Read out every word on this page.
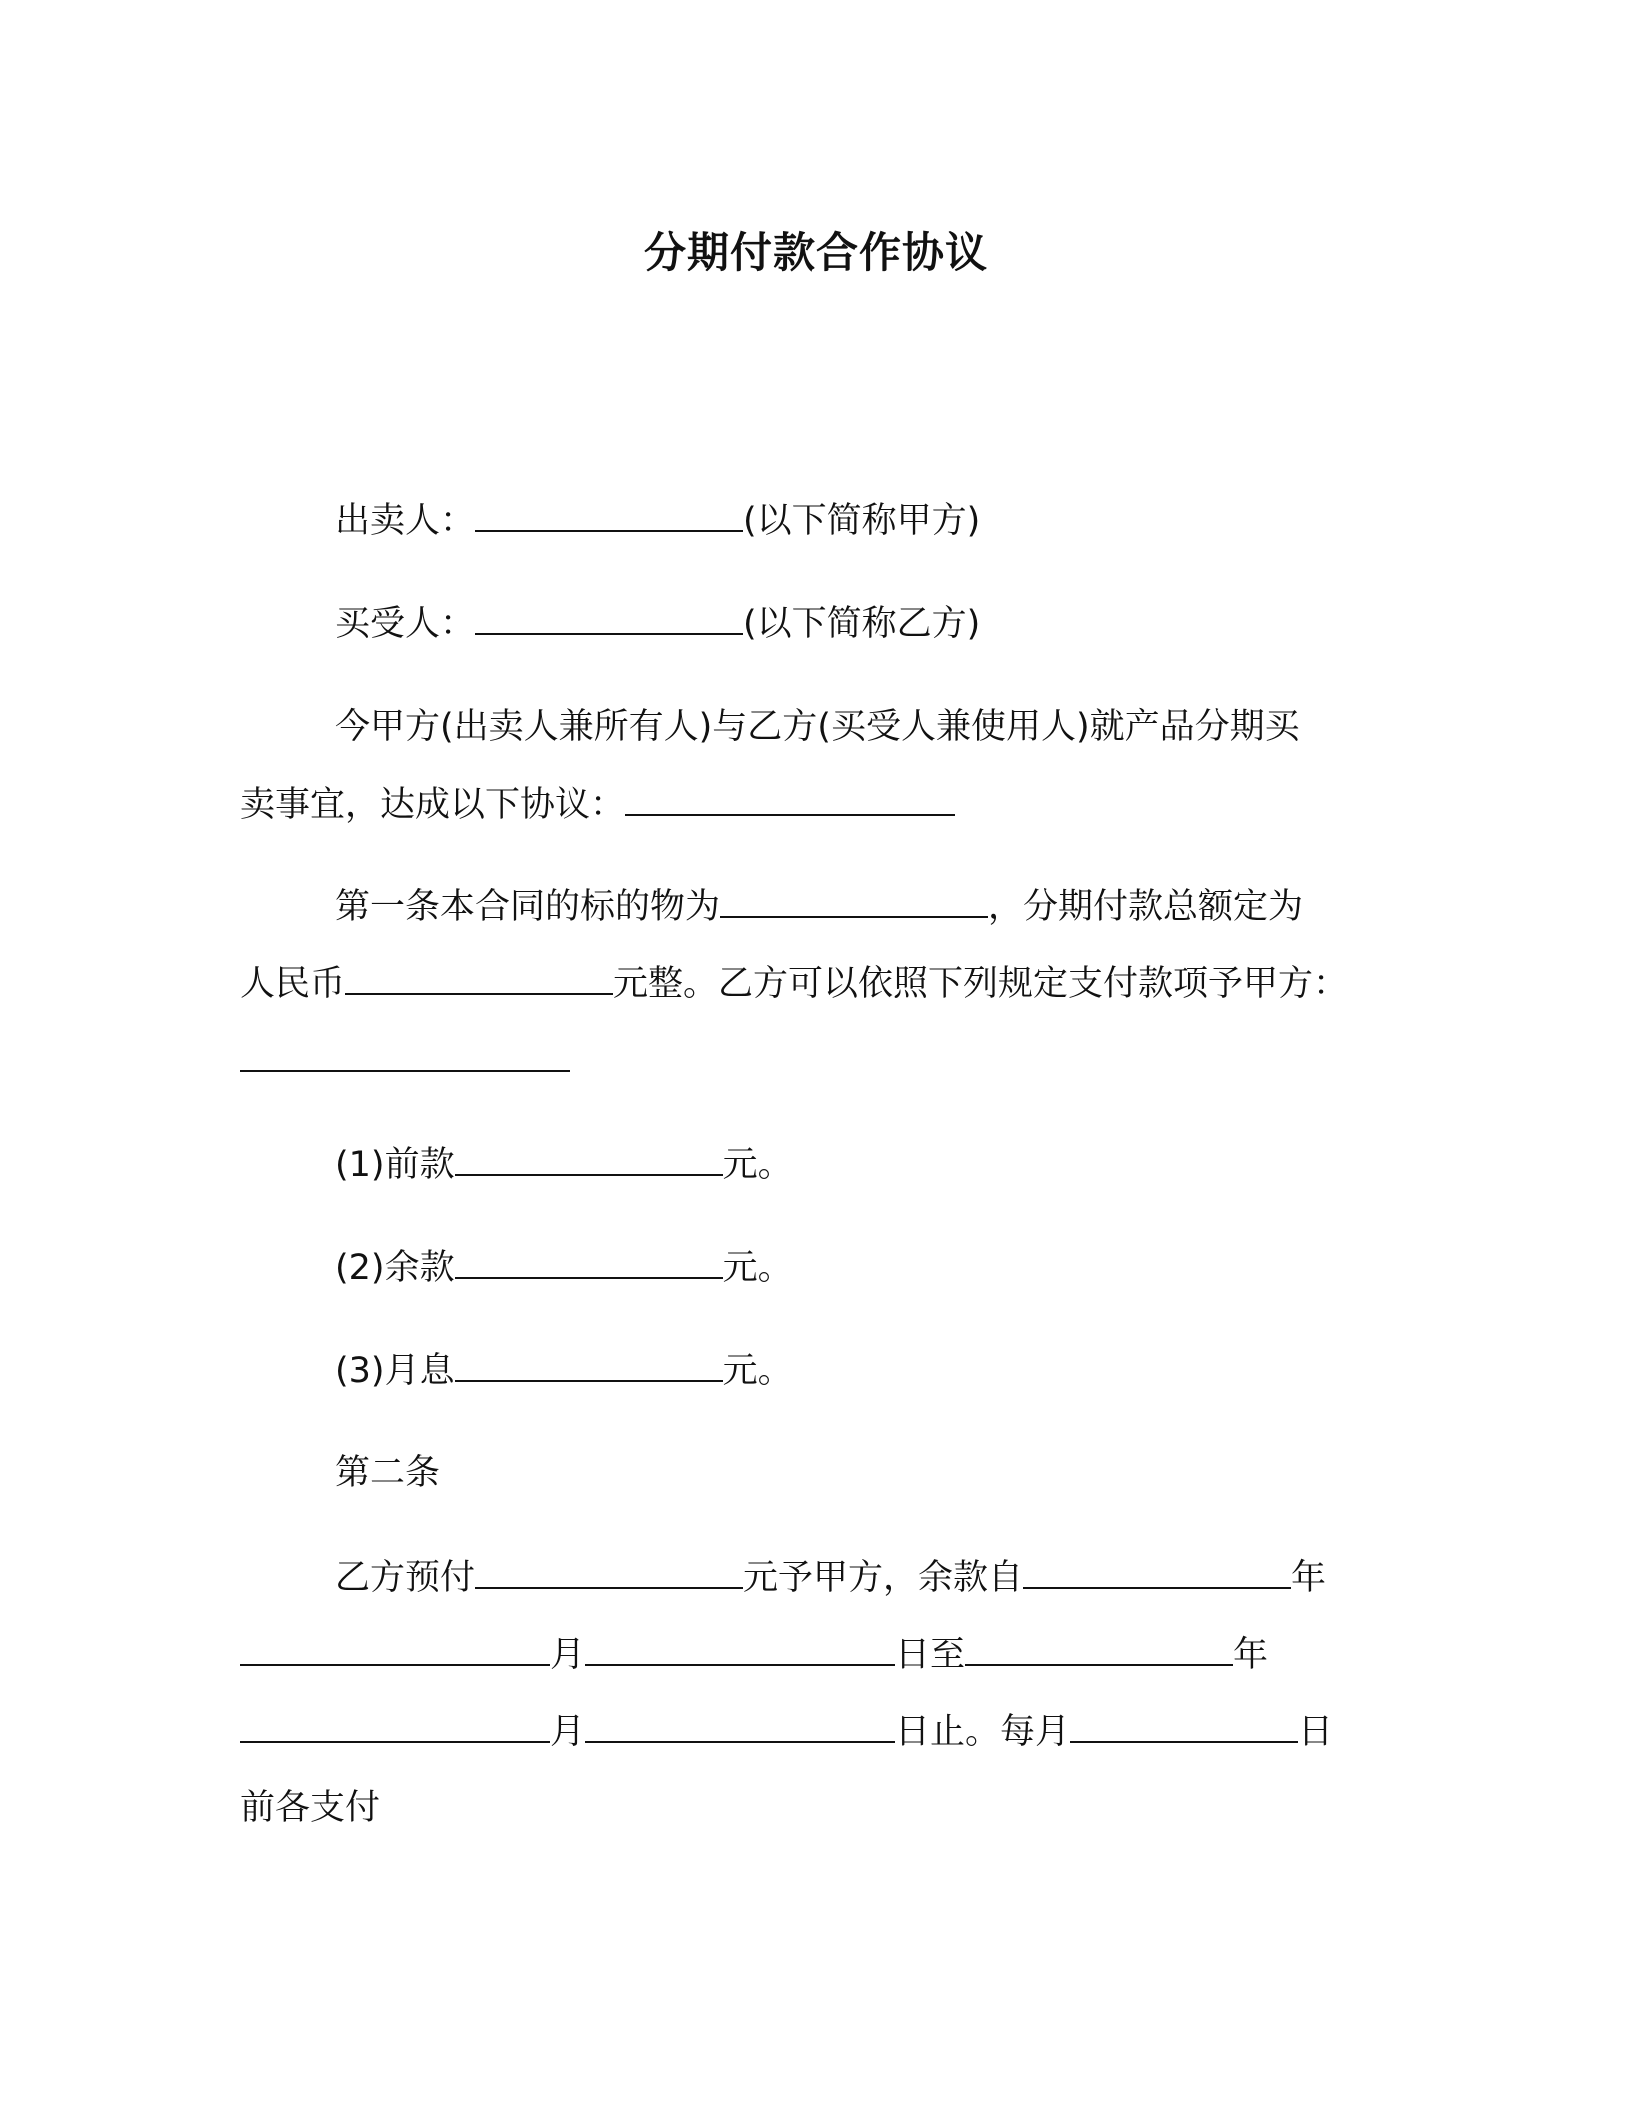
分期付款合作协议
出卖人：	(以下简称甲方)
买受人：	(以下简称乙方)
今甲方(出卖人兼所有人)与乙方(买受人兼使用人)就产品分期买
卖事宜，达成以下协议：
第一条本合同的标的物为	，分期付款总额定为
人民币	元整。乙方可以依照下列规定支付款项予甲方：
(1)前款	元。
(2)余款	元。
(3)月息	元。
第二条
乙方预付	元予甲方，余款自	年
月	日至	年
月	日止。每月	日
前各支付
